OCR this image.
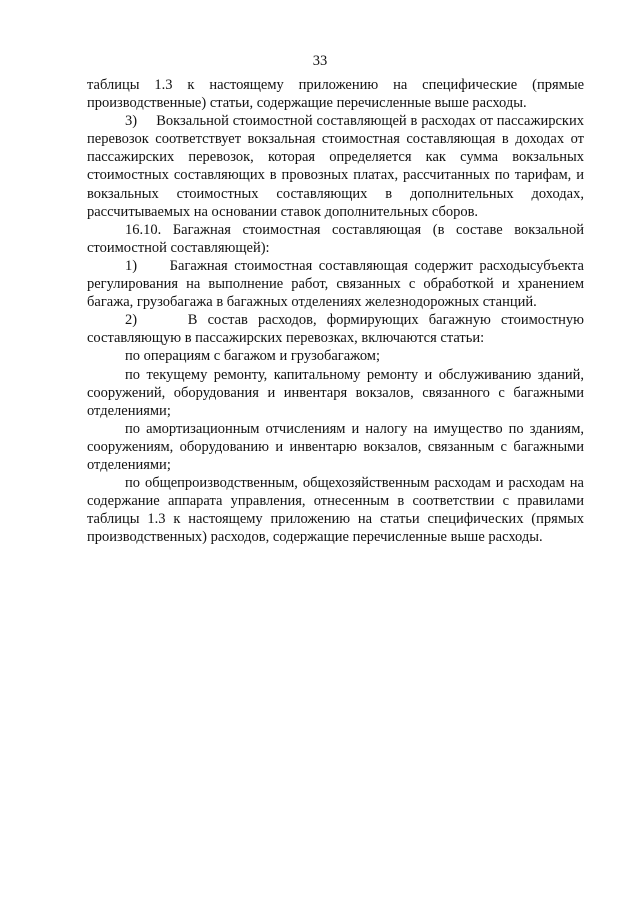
33

таблицы 1.3 к настоящему приложению на специфические (прямые производственные) статьи, содержащие перечисленные выше расходы.

3)     Вокзальной стоимостной составляющей в расходах от пассажирских перевозок соответствует вокзальная стоимостная составляющая в доходах от пассажирских перевозок, которая определяется как сумма вокзальных стоимостных составляющих в провозных платах, рассчитанных по тарифам, и вокзальных стоимостных составляющих в дополнительных доходах, рассчитываемых на основании ставок дополнительных сборов.

16.10. Багажная стоимостная составляющая (в составе вокзальной стоимостной составляющей):

1)     Багажная стоимостная составляющая содержит расходысубъекта регулирования на выполнение работ, связанных с обработкой и хранением багажа, грузобагажа в багажных отделениях железнодорожных станций.

2)     В состав расходов, формирующих багажную стоимостную составляющую в пассажирских перевозках, включаются статьи:

по операциям с багажом и грузобагажом;

по текущему ремонту, капитальному ремонту и обслуживанию зданий, сооружений, оборудования и инвентаря вокзалов, связанного с багажными отделениями;

по амортизационным отчислениям и налогу на имущество по зданиям, сооружениям, оборудованию и инвентарю вокзалов, связанным с багажными отделениями;

по общепроизводственным, общехозяйственным расходам и расходам на содержание аппарата управления, отнесенным в соответствии с правилами таблицы 1.3 к настоящему приложению на статьи специфических (прямых производственных) расходов, содержащие перечисленные выше расходы.
